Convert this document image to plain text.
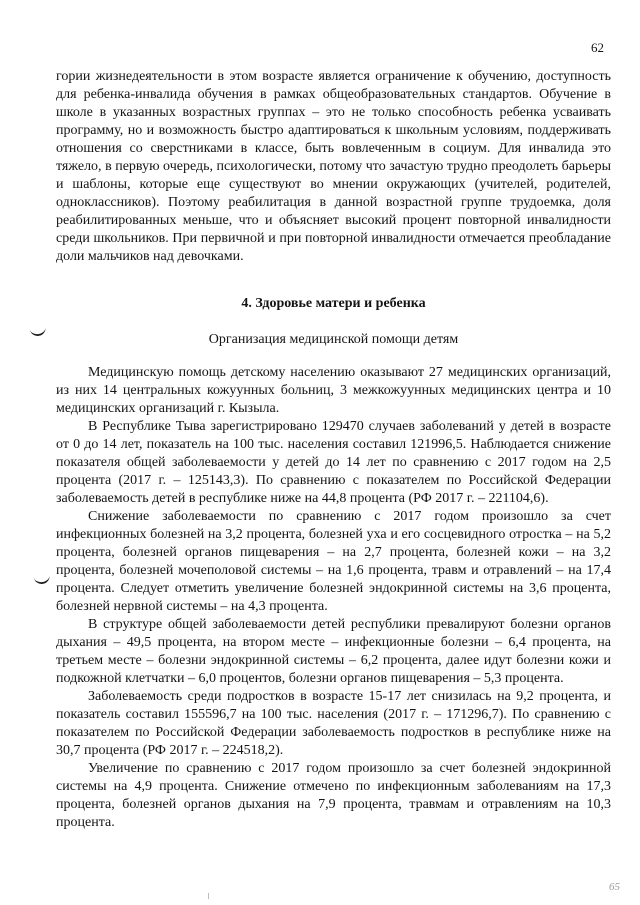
62

гории жизнедеятельности в этом возрасте является ограничение к обучению, доступность для ребенка-инвалида обучения в рамках общеобразовательных стандартов. Обучение в школе в указанных возрастных группах – это не только способность ребенка усваивать программу, но и возможность быстро адаптироваться к школьным условиям, поддерживать отношения со сверстниками в классе, быть вовлеченным в социум. Для инвалида это тяжело, в первую очередь, психологически, потому что зачастую трудно преодолеть барьеры и шаблоны, которые еще существуют во мнении окружающих (учителей, родителей, одноклассников). Поэтому реабилитация в данной возрастной группе трудоемка, доля реабилитированных меньше, что и объясняет высокий процент повторной инвалидности среди школьников. При первичной и при повторной инвалидности отмечается преобладание доли мальчиков над девочками.

4. Здоровье матери и ребенка
Организация медицинской помощи детям

Медицинскую помощь детскому населению оказывают 27 медицинских организаций, из них 14 центральных кожуунных больниц, 3 межкожуунных медицинских центра и 10 медицинских организаций г. Кызыла.

В Республике Тыва зарегистрировано 129470 случаев заболеваний у детей в возрасте от 0 до 14 лет, показатель на 100 тыс. населения составил 121996,5. Наблюдается снижение показателя общей заболеваемости у детей до 14 лет по сравнению с 2017 годом на 2,5 процента (2017 г. – 125143,3). По сравнению с показателем по Российской Федерации заболеваемость детей в республике ниже на 44,8 процента (РФ 2017 г. – 221104,6).

Снижение заболеваемости по сравнению с 2017 годом произошло за счет инфекционных болезней на 3,2 процента, болезней уха и его сосцевидного отростка – на 5,2 процента, болезней органов пищеварения – на 2,7 процента, болезней кожи – на 3,2 процента, болезней мочеполовой системы – на 1,6 процента, травм и отравлений – на 17,4 процента. Следует отметить увеличение болезней эндокринной системы на 3,6 процента, болезней нервной системы – на 4,3 процента.

В структуре общей заболеваемости детей республики превалируют болезни органов дыхания – 49,5 процента, на втором месте – инфекционные болезни – 6,4 процента, на третьем месте – болезни эндокринной системы – 6,2 процента, далее идут болезни кожи и подкожной клетчатки – 6,0 процентов, болезни органов пищеварения – 5,3 процента.

Заболеваемость среди подростков в возрасте 15-17 лет снизилась на 9,2 процента, и показатель составил 155596,7 на 100 тыс. населения (2017 г. – 171296,7). По сравнению с показателем по Российской Федерации заболеваемость подростков в республике ниже на 30,7 процента (РФ 2017 г. – 224518,2).

Увеличение по сравнению с 2017 годом произошло за счет болезней эндокринной системы на 4,9 процента. Снижение отмечено по инфекционным заболеваниям на 17,3 процента, болезней органов дыхания на 7,9 процента, травмам и отравлениям на 10,3 процента.

65
